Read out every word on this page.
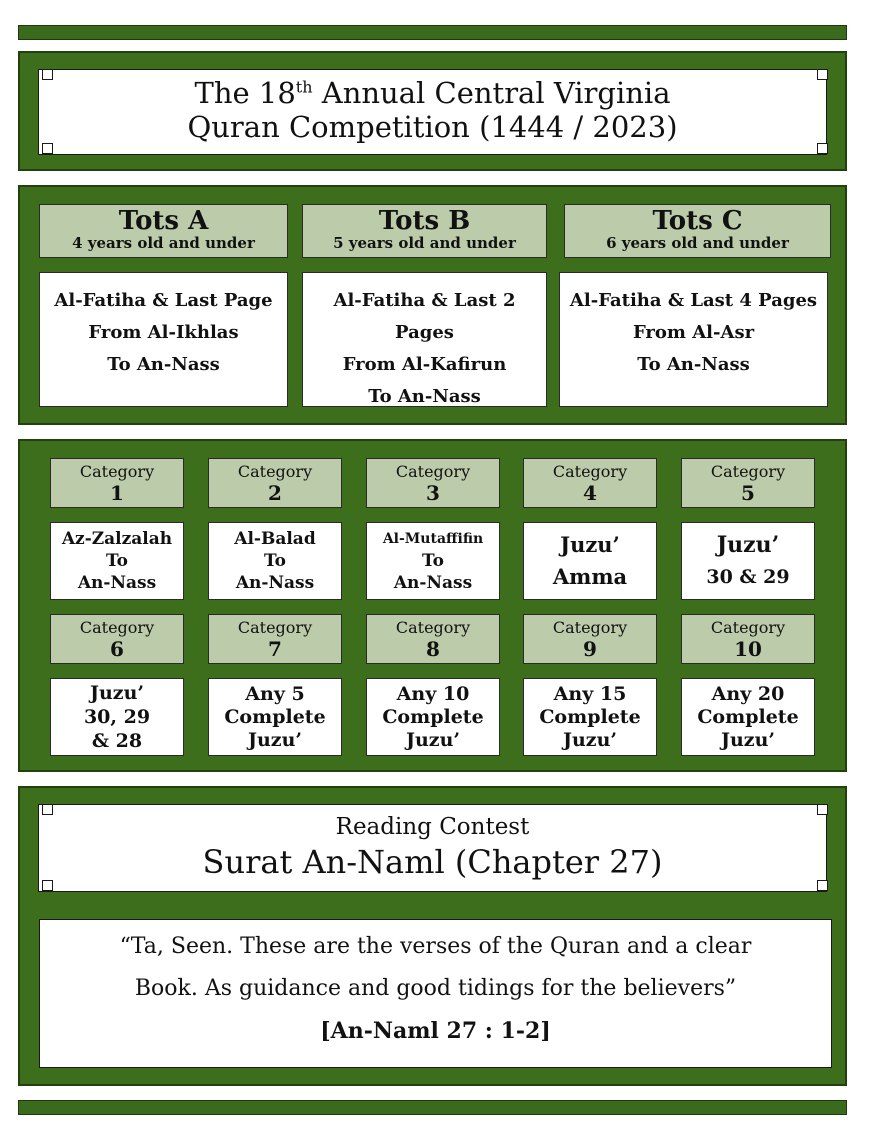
The 18th Annual Central Virginia
Quran Competition (1444 / 2023)
Tots A
4 years old and under
Al-Fatiha & Last Page
From Al-Ikhlas
To An-Nass
Tots B
5 years old and under
Al-Fatiha & Last 2 Pages
From Al-Kafirun
To An-Nass
Tots C
6 years old and under
Al-Fatiha & Last 4 Pages
From Al-Asr
To An-Nass
Category
1
Category
2
Category
3
Category
4
Category
5
Az-Zalzalah
To
An-Nass
Al-Balad
To
An-Nass
Al-Mutaffifin
To
An-Nass
Juzu’
Amma
Juzu’
30 & 29
Category
6
Category
7
Category
8
Category
9
Category
10
Juzu’
30, 29
& 28
Any 5
Complete
Juzu’
Any 10
Complete
Juzu’
Any 15
Complete
Juzu’
Any 20
Complete
Juzu’
Reading Contest
Surat An-Naml (Chapter 27)
“Ta, Seen. These are the verses of the Quran and a clear
Book. As guidance and good tidings for the believers”
[An-Naml 27 : 1-2]
